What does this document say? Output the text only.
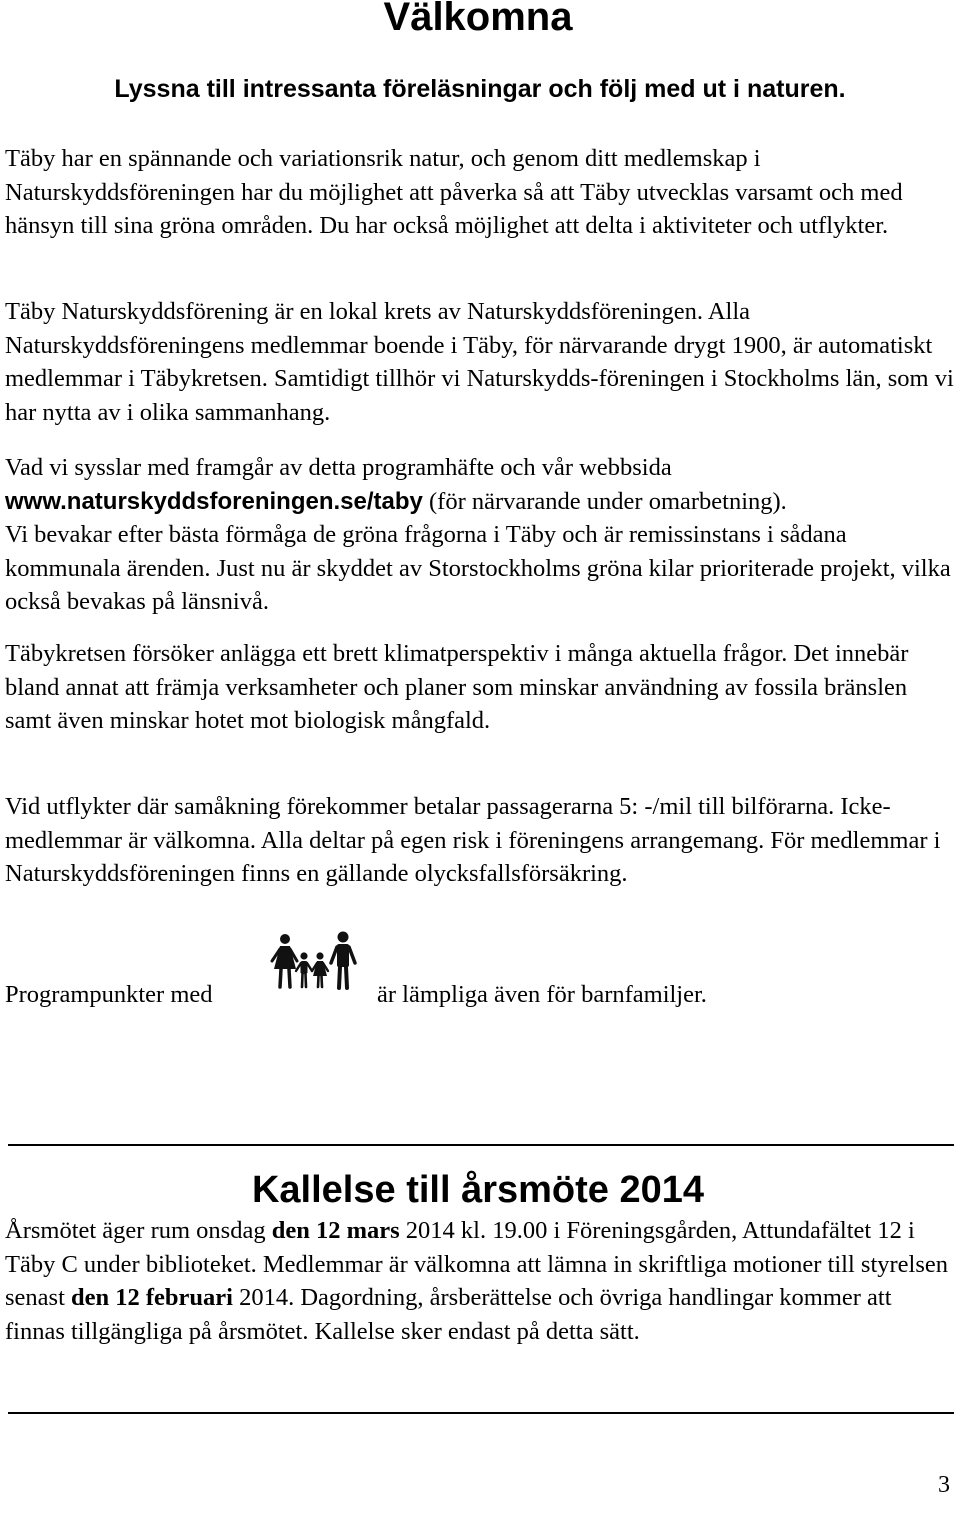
Välkomna

Lyssna till intressanta föreläsningar och följ med ut i naturen.

Täby har en spännande och variationsrik natur, och genom ditt medlemskap i Naturskyddsföreningen har du möjlighet att påverka så att Täby utvecklas varsamt och med hänsyn till sina gröna områden. Du har också möjlighet att delta i aktiviteter och utflykter.

Täby Naturskyddsförening är en lokal krets av Naturskyddsföreningen. Alla Naturskyddsföreningens medlemmar boende i Täby, för närvarande drygt 1900, är automatiskt medlemmar i Täbykretsen. Samtidigt tillhör vi Naturskydds-föreningen i Stockholms län, som vi har nytta av i olika sammanhang.

Vad vi sysslar med framgår av detta programhäfte och vår webbsida
www.naturskyddsforeningen.se/taby (för närvarande under omarbetning).

Vi bevakar efter bästa förmåga de gröna frågorna i Täby och är remissinstans i sådana kommunala ärenden. Just nu är skyddet av Storstockholms gröna kilar prioriterade projekt, vilka också bevakas på länsnivå.

Täbykretsen försöker anlägga ett brett klimatperspektiv i många aktuella frågor. Det innebär bland annat att främja verksamheter och planer som minskar användning av fossila bränslen samt även minskar hotet mot biologisk mångfald.

Vid utflykter där samåkning förekommer betalar passagerarna 5: -/mil till bilförarna. Icke-medlemmar är välkomna. Alla deltar på egen risk i föreningens arrangemang. För medlemmar i Naturskyddsföreningen finns en gällande olycksfallsförsäkring.

Programpunkter med	är lämpliga även för barnfamiljer.
Kallelse till årsmöte 2014

Årsmötet äger rum onsdag den 12 mars 2014 kl. 19.00 i Föreningsgården, Attundafältet 12 i Täby C under biblioteket. Medlemmar är välkomna att lämna in skriftliga motioner till styrelsen senast den 12 februari 2014. Dagordning, årsberättelse och övriga handlingar kommer att finnas tillgängliga på årsmötet. Kallelse sker endast på detta sätt.

3
